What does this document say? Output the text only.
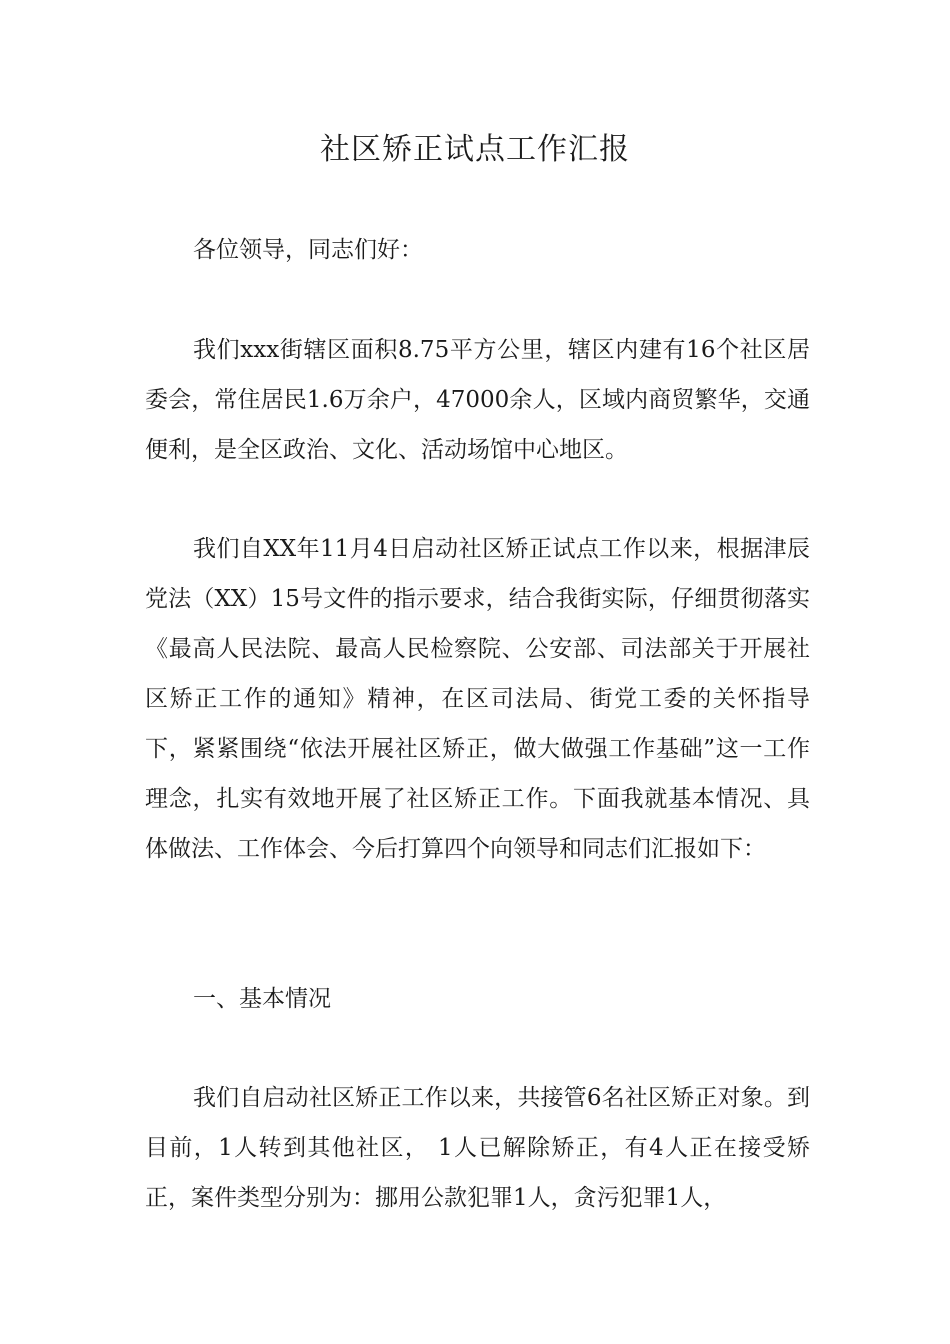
社区矫正试点工作汇报

各位领导，同志们好：

我们xxx街辖区面积8.75平方公里，辖区内建有16个社区居委会，常住居民1.6万余户，47000余人，区域内商贸繁华，交通便利，是全区政治、文化、活动场馆中心地区。

我们自XX年11月4日启动社区矫正试点工作以来，根据津辰党法（XX）15号文件的指示要求，结合我街实际，仔细贯彻落实《最高人民法院、最高人民检察院、公安部、司法部关于开展社区矫正工作的通知》精神，在区司法局、街党工委的关怀指导下，紧紧围绕“依法开展社区矫正，做大做强工作基础”这一工作理念，扎实有效地开展了社区矫正工作。下面我就基本情况、具体做法、工作体会、今后打算四个向领导和同志们汇报如下：

一、基本情况

我们自启动社区矫正工作以来，共接管6名社区矫正对象。到目前，1人转到其他社区， 1人已解除矫正，有4人正在接受矫正，案件类型分别为：挪用公款犯罪1人，贪污犯罪1人，
